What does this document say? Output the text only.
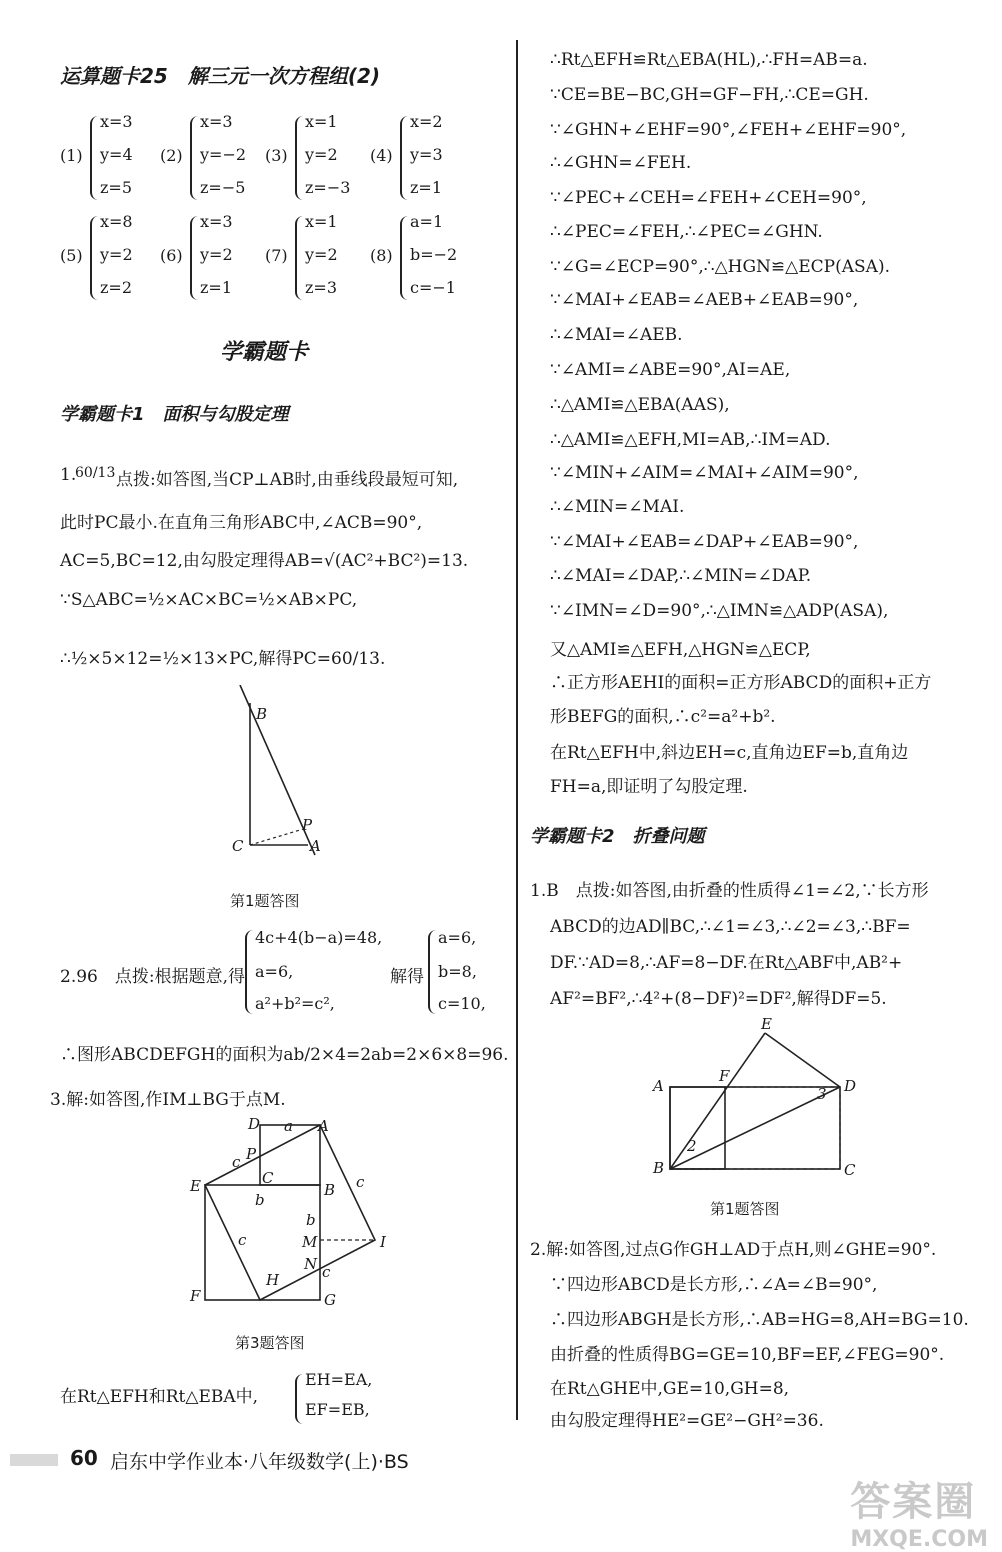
运算题卡25　解三元一次方程组(2)
(1)
x=3
y=4
z=5
(2)
x=3
y=−2
z=−5
(3)
x=1
y=2
z=−3
(4)
x=2
y=3
z=1
(5)
x=8
y=2
z=2
(6)
x=3
y=2
z=1
(7)
x=1
y=2
z=3
(8)
a=1
b=−2
c=−1
学霸题卡
学霸题卡1　面积与勾股定理
1.
60/13 点拨:如答图,当CP⊥AB时,由垂线段最短可知,
此时PC最小.在直角三角形ABC中,∠ACB=90°,
AC=5,BC=12,由勾股定理得AB=√(AC²+BC²)=13.
∵S△ABC=½×AC×BC=½×AB×PC,
∴½×5×12=½×13×PC,解得PC=60/13.
B
P
C	A
第1题答图
2.96　点拨:根据题意,得
4c+4(b−a)=48,
a=6,
a²+b²=c²,
解得
a=6,
b=8,
c=10,
∴图形ABCDEFGH的面积为ab/2×4=2ab=2×6×8=96.
3.解:如答图,作IM⊥BG于点M.
D a A
c P
C
E	B
b
c
b
c	M	I
N c
H
F	G
第3题答图
在Rt△EFH和Rt△EBA中,
EH=EA,
EF=EB,
∴Rt△EFH≌Rt△EBA(HL),∴FH=AB=a.
∵CE=BE−BC,GH=GF−FH,∴CE=GH.
∵∠GHN+∠EHF=90°,∠FEH+∠EHF=90°,
∴∠GHN=∠FEH.
∵∠PEC+∠CEH=∠FEH+∠CEH=90°,
∴∠PEC=∠FEH,∴∠PEC=∠GHN.
∵∠G=∠ECP=90°,∴△HGN≌△ECP(ASA).
∵∠MAI+∠EAB=∠AEB+∠EAB=90°,
∴∠MAI=∠AEB.
∵∠AMI=∠ABE=90°,AI=AE,
∴△AMI≌△EBA(AAS),
∴△AMI≌△EFH,MI=AB,∴IM=AD.
∵∠MIN+∠AIM=∠MAI+∠AIM=90°,
∴∠MIN=∠MAI.
∵∠MAI+∠EAB=∠DAP+∠EAB=90°,
∴∠MAI=∠DAP,∴∠MIN=∠DAP.
∵∠IMN=∠D=90°,∴△IMN≌△ADP(ASA),
又△AMI≌△EFH,△HGN≌△ECP,
∴正方形AEHI的面积=正方形ABCD的面积+正方
形BEFG的面积,∴c²=a²+b².
在Rt△EFH中,斜边EH=c,直角边EF=b,直角边
FH=a,即证明了勾股定理.
学霸题卡2　折叠问题
1.B　点拨:如答图,由折叠的性质得∠1=∠2,∵长方形
ABCD的边AD∥BC,∴∠1=∠3,∴∠2=∠3,∴BF=
DF.∵AD=8,∴AF=8−DF.在Rt△ABF中,AB²+
AF²=BF²,∴4²+(8−DF)²=DF²,解得DF=5.
E
A
F
D
3
2
B	C
第1题答图
2.解:如答图,过点G作GH⊥AD于点H,则∠GHE=90°.
∵四边形ABCD是长方形,∴∠A=∠B=90°,
∴四边形ABGH是长方形,∴AB=HG=8,AH=BG=10.
由折叠的性质得BG=GE=10,BF=EF,∠FEG=90°.
在Rt△GHE中,GE=10,GH=8,
由勾股定理得HE²=GE²−GH²=36.
60 启东中学作业本·八年级数学(上)·BS
答案圈
MXQE.COM
